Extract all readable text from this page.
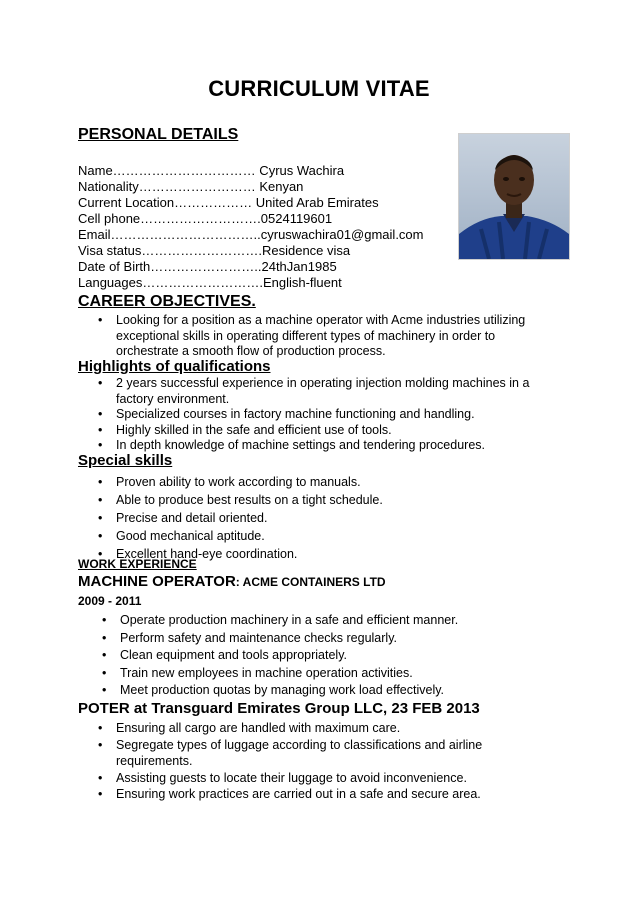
CURRICULUM VITAE
PERSONAL DETAILS
Name…………………………… Cyrus Wachira
Nationality……………………… Kenyan
Current Location……………… United Arab Emirates
Cell phone……………………….0524119601
Email……………………………..cyruswachira01@gmail.com
Visa status……………………….Residence visa
Date of Birth……………………..24thJan1985
Languages……………………….English-fluent
CAREER OBJECTIVES.
• Looking for a position as a machine operator with Acme industries utilizing exceptional skills in operating different types of machinery in order to orchestrate a smooth flow of production process.
Highlights of qualifications
• 2 years successful experience in operating injection molding machines in a factory environment.
• Specialized courses in factory machine functioning and handling.
• Highly skilled in the safe and efficient use of tools.
• In depth knowledge of machine settings and tendering procedures.
Special skills
• Proven ability to work according to manuals.
• Able to produce best results on a tight schedule.
• Precise and detail oriented.
• Good mechanical aptitude.
• Excellent hand-eye coordination.
WORK EXPERIENCE
MACHINE OPERATOR: ACME CONTAINERS LTD
2009 - 2011
• Operate production machinery in a safe and efficient manner.
• Perform safety and maintenance checks regularly.
• Clean equipment and tools appropriately.
• Train new employees in machine operation activities.
• Meet production quotas by managing work load effectively.
POTER at Transguard Emirates Group LLC, 23 FEB 2013
• Ensuring all cargo are handled with maximum care.
• Segregate types of luggage according to classifications and airline requirements.
• Assisting guests to locate their luggage to avoid inconvenience.
• Ensuring work practices are carried out in a safe and secure area.
